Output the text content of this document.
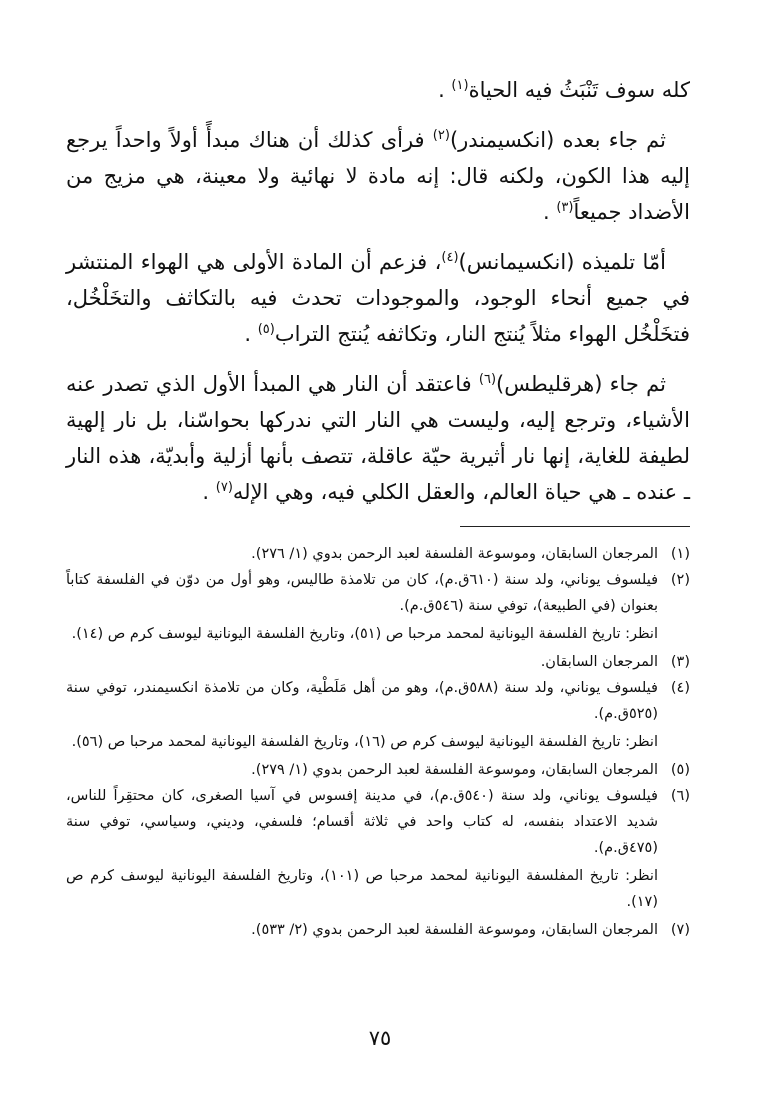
كله سوف تَنْبَثُ فيه الحياة$^{(١)}$ .

ثم جاء بعده (انكسيمندر)$^{(٢)}$ فرأى كذلك أن هناك مبدأً أولاً واحداً يرجع إليه هذا الكون، ولكنه قال: إنه مادة لا نهائية ولا معينة، هي مزيج من الأضداد جميعاً$^{(٣)}$ .

أمّا تلميذه (انكسيمانس)$^{(٤)}$، فزعم أن المادة الأولى هي الهواء المنتشر في جميع أنحاء الوجود، والموجودات تحدث فيه بالتكاثف والتخَلْخُل، فتخَلْخُل الهواء مثلاً يُنتج النار، وتكاثفه يُنتج التراب$^{(٥)}$ .

ثم جاء (هرقليطس)$^{(٦)}$ فاعتقد أن النار هي المبدأ الأول الذي تصدر عنه الأشياء، وترجع إليه، وليست هي النار التي ندركها بحواسّنا، بل نار إلهية لطيفة للغاية، إنها نار أثيرية حيّة عاقلة، تتصف بأنها أزلية وأبديّة، هذه النار ـ عنده ـ هي حياة العالم، والعقل الكلي فيه، وهي الإله$^{(٧)}$ .

(١)
المرجعان السابقان، وموسوعة الفلسفة لعبد الرحمن بدوي (١/ ٢٧٦).
(٢)
فيلسوف يوناني، ولد سنة (٦١٠ق.م)، كان من تلامذة طاليس، وهو أول من دوّن في الفلسفة كتاباً بعنوان (في الطبيعة)، توفي سنة (٥٤٦ق.م).
انظر: تاريخ الفلسفة اليونانية لمحمد مرحبا ص (٥١)، وتاريخ الفلسفة اليونانية ليوسف كرم ص (١٤).
(٣)
المرجعان السابقان.
(٤)
فيلسوف يوناني، ولد سنة (٥٨٨ق.م)، وهو من أهل مَلَطْية، وكان من تلامذة انكسيمندر، توفي سنة (٥٢٥ق.م).
انظر: تاريخ الفلسفة اليونانية ليوسف كرم ص (١٦)، وتاريخ الفلسفة اليونانية لمحمد مرحبا ص (٥٦).
(٥)
المرجعان السابقان، وموسوعة الفلسفة لعبد الرحمن بدوي (١/ ٢٧٩).
(٦)
فيلسوف يوناني، ولد سنة (٥٤٠ق.م)، في مدينة إفسوس في آسيا الصغرى، كان محتقِراً للناس، شديد الاعتداد بنفسه، له كتاب واحد في ثلاثة أقسام؛ فلسفي، وديني، وسياسي، توفي سنة (٤٧٥ق.م).
انظر: تاريخ المفلسفة اليونانية لمحمد مرحبا ص (١٠١)، وتاريخ الفلسفة اليونانية ليوسف كرم ص (١٧).
(٧)
المرجعان السابقان، وموسوعة الفلسفة لعبد الرحمن بدوي (٢/ ٥٣٣).
٧٥
